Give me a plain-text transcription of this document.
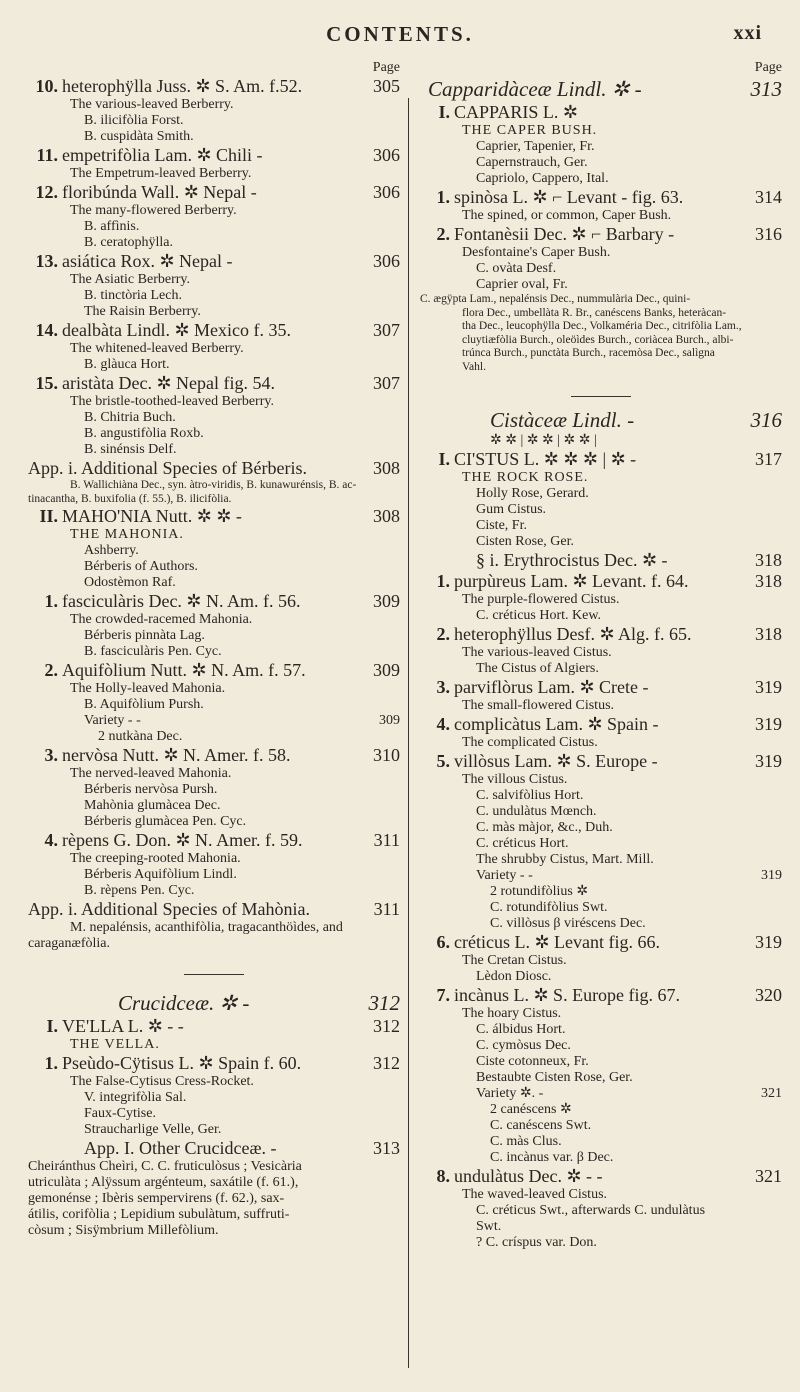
CONTENTS.	xxi
Page
10. heterophÿlla Juss. ✲ S. Am. f.52.	305
The various-leaved Berberry.
B. ilicifòlia Forst.
B. cuspidàta Smith.
11. empetrifòlia Lam. ✲ Chili -	306
The Empetrum-leaved Berberry.
12. floribúnda Wall. ✲ Nepal -	306
The many-flowered Berberry.
B. affìnis.
B. ceratophÿlla.
13. asiática Rox. ✲ Nepal -	306
The Asiatic Berberry.
B. tinctòria Lech.
The Raisin Berberry.
14. dealbàta Lindl. ✲ Mexico f. 35.	307
The whitened-leaved Berberry.
B. glàuca Hort.
15. aristàta Dec. ✲ Nepal fig. 54.	307
The bristle-toothed-leaved Berberry.
B. Chitria Buch.
B. angustifòlia Roxb.
B. sinénsis Delf.
App. i. Additional Species of Bérberis.	308
B. Wallichiàna Dec., syn. àtro-viridis, B. kunawurénsis, B. ac-
tinacantha, B. buxifolia (f. 55.), B. ilicifòlia.
II. MAHO'NIA Nutt. ✲ ✲ -	308
THE MAHONIA.
Ashberry.
Bérberis of Authors.
Odostèmon Raf.
1. fasciculàris Dec. ✲ N. Am. f. 56.	309
The crowded-racemed Mahonia.
Bérberis pinnàta Lag.
B. fasciculàris Pen. Cyc.
2. Aquifòlium Nutt. ✲ N. Am. f. 57.	309
The Holly-leaved Mahonia.
B. Aquifòlium Pursh.
Variety - -	309
2 nutkàna Dec.
3. nervòsa Nutt. ✲ N. Amer. f. 58.	310
The nerved-leaved Mahonia.
Bérberis nervòsa Pursh.
Mahònia glumàcea Dec.
Bérberis glumàcea Pen. Cyc.
4. rèpens G. Don. ✲ N. Amer. f. 59.	311
The creeping-rooted Mahonia.
Bérberis Aquifòlium Lindl.
B. rèpens Pen. Cyc.
App. i. Additional Species of Mahònia.	311
M. nepalénsis, acanthifòlia, tragacanthöìdes, and
caraganæfòlia.
Crucidceæ. ✲ -	312
I. VE'LLA L. ✲ - -	312
THE VELLA.
1. Pseùdo-Cÿtisus L. ✲ Spain f. 60.	312
The False-Cytisus Cress-Rocket.
V. integrifòlia Sal.
Faux-Cytise.
Straucharlige Velle, Ger.
App. I. Other Crucidceæ. -	313
Cheiránthus Cheìri, C. C. fruticulòsus ; Vesicària
utriculàta ; Alÿssum argénteum, saxátile (f. 61.),
gemonénse ; Ibèris sempervirens (f. 62.), sax-
átilis, corifòlia ; Lepidium subulàtum, suffruti-
còsum ; Sisÿmbrium Millefòlium.
Page
Capparidàceæ Lindl. ✲ -	313
I. CAPPARIS L. ✲
THE CAPER BUSH.
Caprier, Tapenier, Fr.
Capernstrauch, Ger.
Capriolo, Cappero, Ital.
1. spinòsa L. ✲ ⌐ Levant - fig. 63.	314
The spined, or common, Caper Bush.
2. Fontanèsii Dec. ✲ ⌐ Barbary -	316
Desfontaine's Caper Bush.
C. ovàta Desf.
Caprier oval, Fr.
C. ægÿpta Lam., nepalénsis Dec., nummulària Dec., quini-
flora Dec., umbellàta R. Br., canéscens Banks, heteràcan-
tha Dec., leucophÿlla Dec., Volkaméria Dec., citrifòlia Lam.,
cluytiæfòlia Burch., oleöìdes Burch., coriàcea Burch., albi-
trúnca Burch., punctàta Burch., racemòsa Dec., salìgna
Vahl.
Cistàceæ Lindl. -	316
✲ ✲ | ✲ ✲ | ✲ ✲ |
I. CI'STUS L. ✲ ✲ ✲ | ✲ -	317
THE ROCK ROSE.
Holly Rose, Gerard.
Gum Cistus.
Ciste, Fr.
Cisten Rose, Ger.
§ i. Erythrocistus Dec. ✲ -	318
1. purpùreus Lam. ✲ Levant. f. 64.	318
The purple-flowered Cistus.
C. créticus Hort. Kew.
2. heterophÿllus Desf. ✲ Alg. f. 65.	318
The various-leaved Cistus.
The Cistus of Algiers.
3. parviflòrus Lam. ✲ Crete -	319
The small-flowered Cistus.
4. complicàtus Lam. ✲ Spain -	319
The complicated Cistus.
5. villòsus Lam. ✲ S. Europe -	319
The villous Cistus.
C. salvifòlius Hort.
C. undulàtus Mœnch.
C. màs màjor, &c., Duh.
C. créticus Hort.
The shrubby Cistus, Mart. Mill.
Variety - -	319
2 rotundifòlius ✲
C. rotundifòlius Swt.
C. villòsus β viréscens Dec.
6. créticus L. ✲ Levant fig. 66.	319
The Cretan Cistus.
Lèdon Diosc.
7. incànus L. ✲ S. Europe fig. 67.	320
The hoary Cistus.
C. álbidus Hort.
C. cymòsus Dec.
Ciste cotonneux, Fr.
Bestaubte Cisten Rose, Ger.
Variety ✲. -	321
2 canéscens ✲
C. canéscens Swt.
C. màs Clus.
C. incànus var. β Dec.
8. undulàtus Dec. ✲ - -	321
The waved-leaved Cistus.
C. créticus Swt., afterwards C. undulàtus
Swt.
? C. críspus var. Don.
